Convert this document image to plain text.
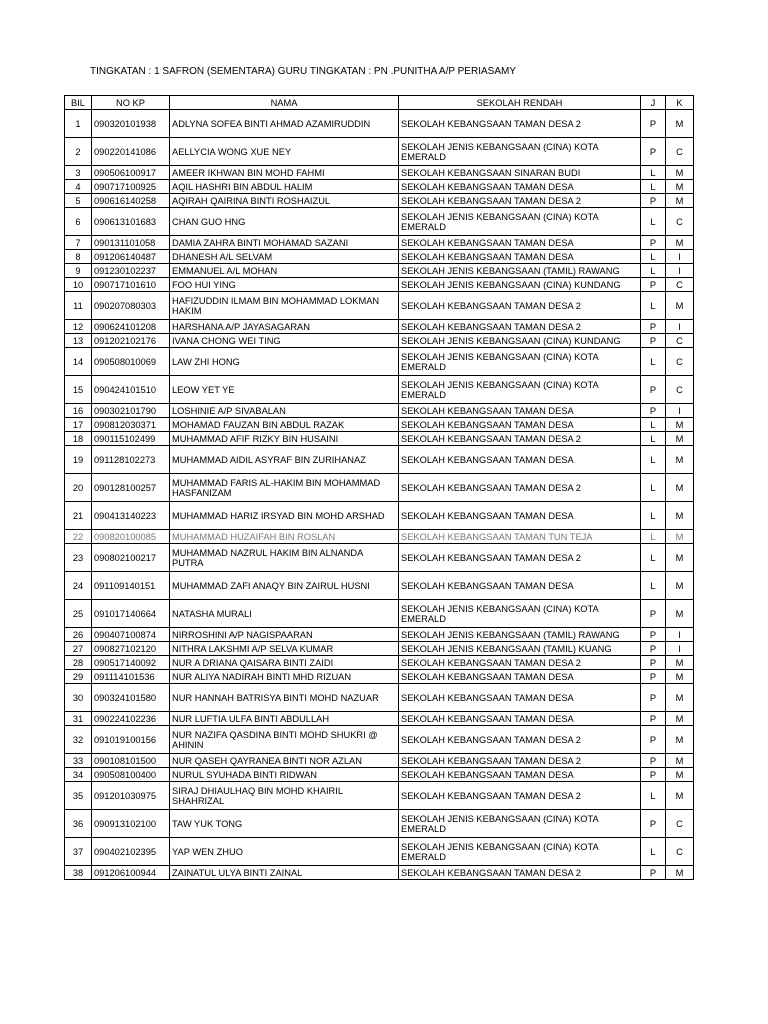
TINGKATAN : 1 SAFRON (SEMENTARA) GURU TINGKATAN : PN .PUNITHA A/P PERIASAMY
BIL	NO KP	NAMA	SEKOLAH RENDAH	J	K
1	090320101938	ADLYNA SOFEA BINTI AHMAD AZAMIRUDDIN	SEKOLAH KEBANGSAAN TAMAN DESA 2	P	M
2	090220141086	AELLYCIA WONG XUE NEY	SEKOLAH JENIS KEBANGSAAN (CINA) KOTA EMERALD	P	C
3	090506100917	AMEER IKHWAN BIN MOHD FAHMI	SEKOLAH KEBANGSAAN SINARAN BUDI	L	M
4	090717100925	AQIL HASHRI BIN ABDUL HALIM	SEKOLAH KEBANGSAAN TAMAN DESA	L	M
5	090616140258	AQIRAH QAIRINA BINTI ROSHAIZUL	SEKOLAH KEBANGSAAN TAMAN DESA 2	P	M
6	090613101683	CHAN GUO HNG	SEKOLAH JENIS KEBANGSAAN (CINA) KOTA EMERALD	L	C
7	090131101058	DAMIA ZAHRA BINTI MOHAMAD SAZANI	SEKOLAH KEBANGSAAN TAMAN DESA	P	M
8	091206140487	DHANESH A/L SELVAM	SEKOLAH KEBANGSAAN TAMAN DESA	L	I
9	091230102237	EMMANUEL A/L MOHAN	SEKOLAH JENIS KEBANGSAAN (TAMIL) RAWANG	L	I
10	090717101610	FOO HUI YING	SEKOLAH JENIS KEBANGSAAN (CINA) KUNDANG	P	C
11	090207080303	HAFIZUDDIN ILMAM BIN MOHAMMAD LOKMAN HAKIM	SEKOLAH KEBANGSAAN TAMAN DESA 2	L	M
12	090624101208	HARSHANA A/P JAYASAGARAN	SEKOLAH KEBANGSAAN TAMAN DESA 2	P	I
13	091202102176	IVANA CHONG WEI TING	SEKOLAH JENIS KEBANGSAAN (CINA) KUNDANG	P	C
14	090508010069	LAW ZHI HONG	SEKOLAH JENIS KEBANGSAAN (CINA) KOTA EMERALD	L	C
15	090424101510	LEOW YET YE	SEKOLAH JENIS KEBANGSAAN (CINA) KOTA EMERALD	P	C
16	090302101790	LOSHINIE A/P SIVABALAN	SEKOLAH KEBANGSAAN TAMAN DESA	P	I
17	090812030371	MOHAMAD FAUZAN BIN ABDUL RAZAK	SEKOLAH KEBANGSAAN TAMAN DESA	L	M
18	090115102499	MUHAMMAD AFIF RIZKY BIN HUSAINI	SEKOLAH KEBANGSAAN TAMAN DESA 2	L	M
19	091128102273	MUHAMMAD AIDIL ASYRAF BIN ZURIHANAZ	SEKOLAH KEBANGSAAN TAMAN DESA	L	M
20	090128100257	MUHAMMAD FARIS AL-HAKIM BIN MOHAMMAD HASFANIZAM	SEKOLAH KEBANGSAAN TAMAN DESA 2	L	M
21	090413140223	MUHAMMAD HARIZ IRSYAD BIN MOHD ARSHAD	SEKOLAH KEBANGSAAN TAMAN DESA	L	M
22	090820100085	MUHAMMAD HUZAIFAH BIN ROSLAN	SEKOLAH KEBANGSAAN TAMAN TUN TEJA	L	M
23	090802100217	MUHAMMAD NAZRUL HAKIM BIN ALNANDA PUTRA	SEKOLAH KEBANGSAAN TAMAN DESA 2	L	M
24	091109140151	MUHAMMAD ZAFI ANAQY BIN ZAIRUL HUSNI	SEKOLAH KEBANGSAAN TAMAN DESA	L	M
25	091017140664	NATASHA MURALI	SEKOLAH JENIS KEBANGSAAN (CINA) KOTA EMERALD	P	M
26	090407100874	NIRROSHINI A/P NAGISPAARAN	SEKOLAH JENIS KEBANGSAAN (TAMIL) RAWANG	P	I
27	090827102120	NITHRA LAKSHMI A/P SELVA KUMAR	SEKOLAH JENIS KEBANGSAAN (TAMIL) KUANG	P	I
28	090517140092	NUR A DRIANA QAISARA BINTI ZAIDI	SEKOLAH KEBANGSAAN TAMAN DESA 2	P	M
29	091114101536	NUR ALIYA NADIRAH BINTI MHD RIZUAN	SEKOLAH KEBANGSAAN TAMAN DESA	P	M
30	090324101580	NUR HANNAH BATRISYA BINTI MOHD NAZUAR	SEKOLAH KEBANGSAAN TAMAN DESA	P	M
31	090224102236	NUR LUFTIA ULFA BINTI ABDULLAH	SEKOLAH KEBANGSAAN TAMAN DESA	P	M
32	091019100156	NUR NAZIFA QASDINA BINTI MOHD SHUKRI @ AHININ	SEKOLAH KEBANGSAAN TAMAN DESA 2	P	M
33	090108101500	NUR QASEH QAYRANEA BINTI NOR AZLAN	SEKOLAH KEBANGSAAN TAMAN DESA 2	P	M
34	090508100400	NURUL SYUHADA BINTI RIDWAN	SEKOLAH KEBANGSAAN TAMAN DESA	P	M
35	091201030975	SIRAJ DHIAULHAQ BIN MOHD KHAIRIL SHAHRIZAL	SEKOLAH KEBANGSAAN TAMAN DESA 2	L	M
36	090913102100	TAW YUK TONG	SEKOLAH JENIS KEBANGSAAN (CINA) KOTA EMERALD	P	C
37	090402102395	YAP WEN ZHUO	SEKOLAH JENIS KEBANGSAAN (CINA) KOTA EMERALD	L	C
38	091206100944	ZAINATUL ULYA BINTI ZAINAL	SEKOLAH KEBANGSAAN TAMAN DESA 2	P	M
